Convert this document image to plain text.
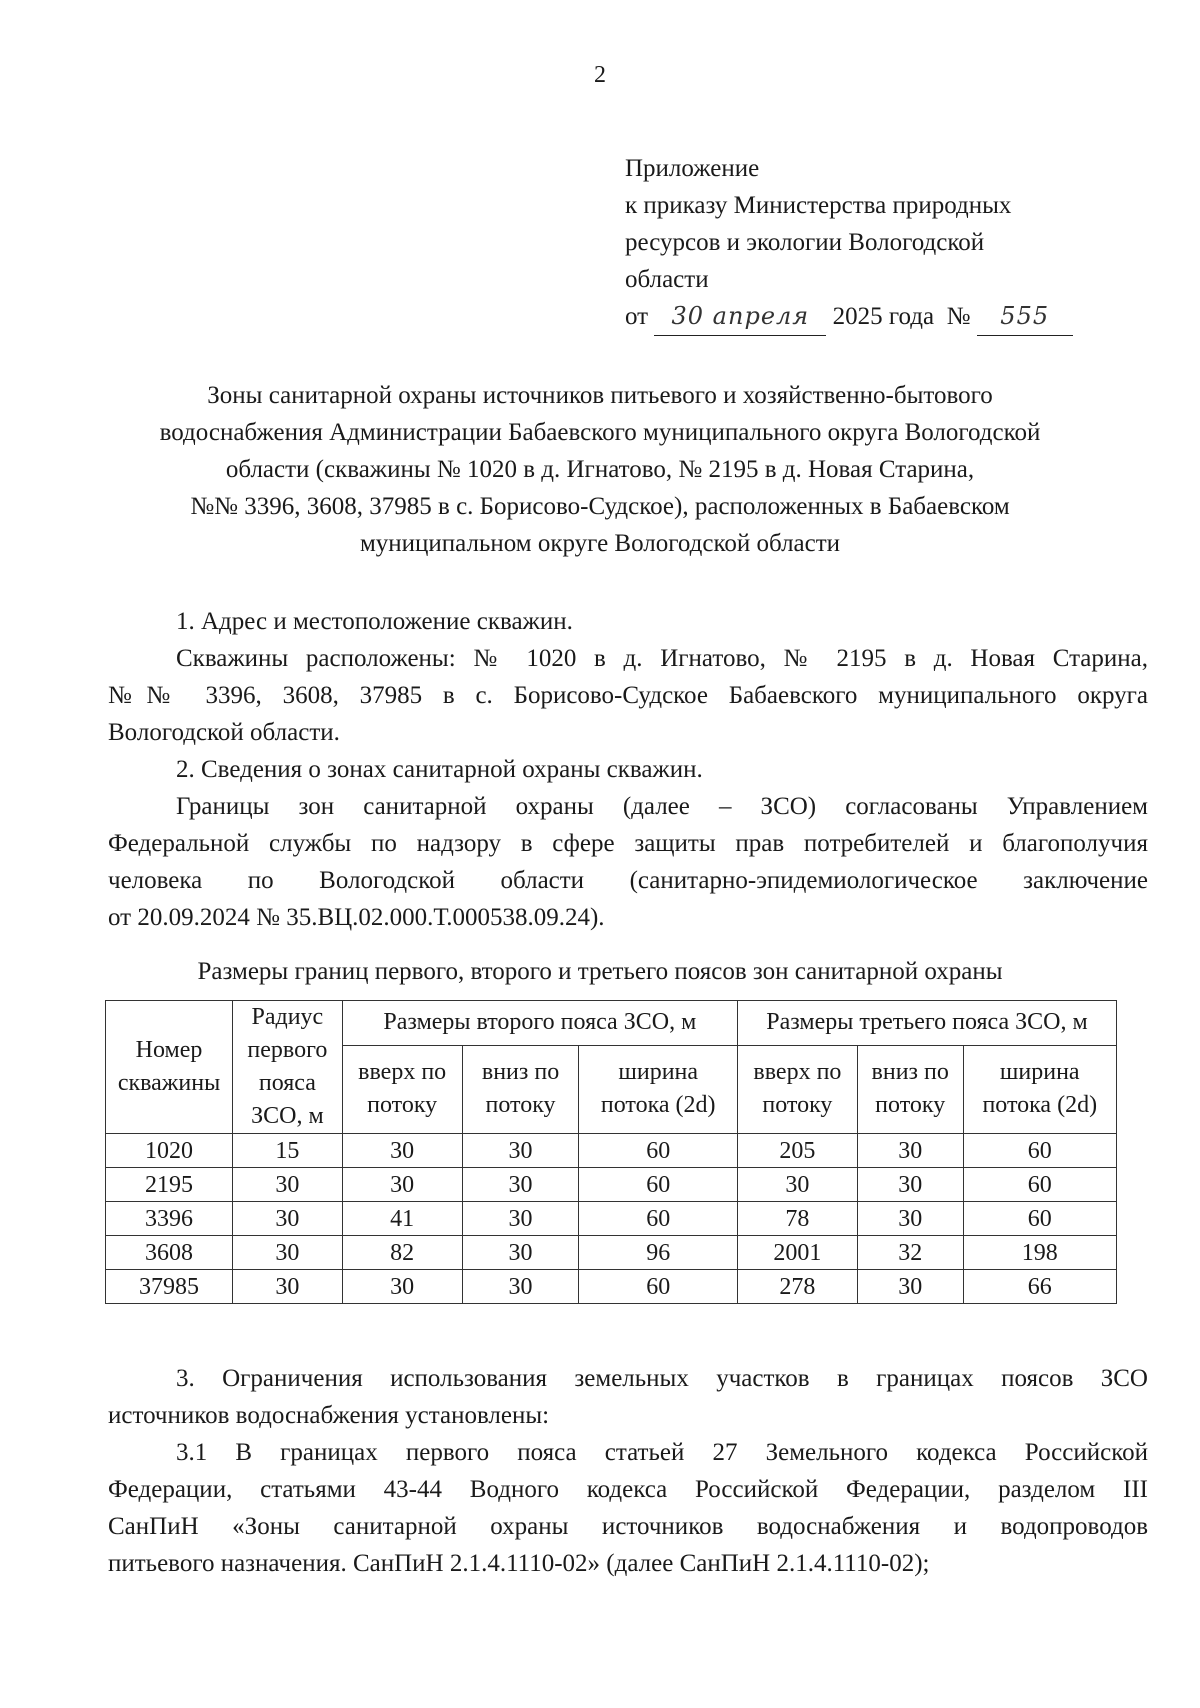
2
Приложение
к приказу Министерства природных
ресурсов и экологии Вологодской
области
от 30 апреля 2025 года № 555
Зоны санитарной охраны источников питьевого и хозяйственно-бытового
водоснабжения Администрации Бабаевского муниципального округа Вологодской
области (скважины № 1020 в д. Игнатово, № 2195 в д. Новая Старина,
№№ 3396, 3608, 37985 в с. Борисово-Судское), расположенных в Бабаевском
муниципальном округе Вологодской области
1. Адрес и местоположение скважин.
Скважины расположены: № 1020 в д. Игнатово, № 2195 в д. Новая Старина,
№№ 3396, 3608, 37985 в с. Борисово-Судское Бабаевского муниципального округа
Вологодской области.
2. Сведения о зонах санитарной охраны скважин.
Границы зон санитарной охраны (далее – ЗСО) согласованы Управлением
Федеральной службы по надзору в сфере защиты прав потребителей и благополучия
человека по Вологодской области (санитарно-эпидемиологическое заключение
от 20.09.2024 № 35.ВЦ.02.000.Т.000538.09.24).
Размеры границ первого, второго и третьего поясов зон санитарной охраны
Номер скважины	Радиус первого пояса ЗСО, м	Размеры второго пояса ЗСО, м			Размеры третьего пояса ЗСО, м		
		вверх по потоку	вниз по потоку	ширина потока (2d)	вверх по потоку	вниз по потоку	ширина потока (2d)
1020	15	30	30	60	205	30	60
2195	30	30	30	60	30	30	60
3396	30	41	30	60	78	30	60
3608	30	82	30	96	2001	32	198
37985	30	30	30	60	278	30	66
3. Ограничения использования земельных участков в границах поясов ЗСО
источников водоснабжения установлены:
3.1 В границах первого пояса статьей 27 Земельного кодекса Российской
Федерации, статьями 43-44 Водного кодекса Российской Федерации, разделом III
СанПиН «Зоны санитарной охраны источников водоснабжения и водопроводов
питьевого назначения. СанПиН 2.1.4.1110-02» (далее СанПиН 2.1.4.1110-02);
